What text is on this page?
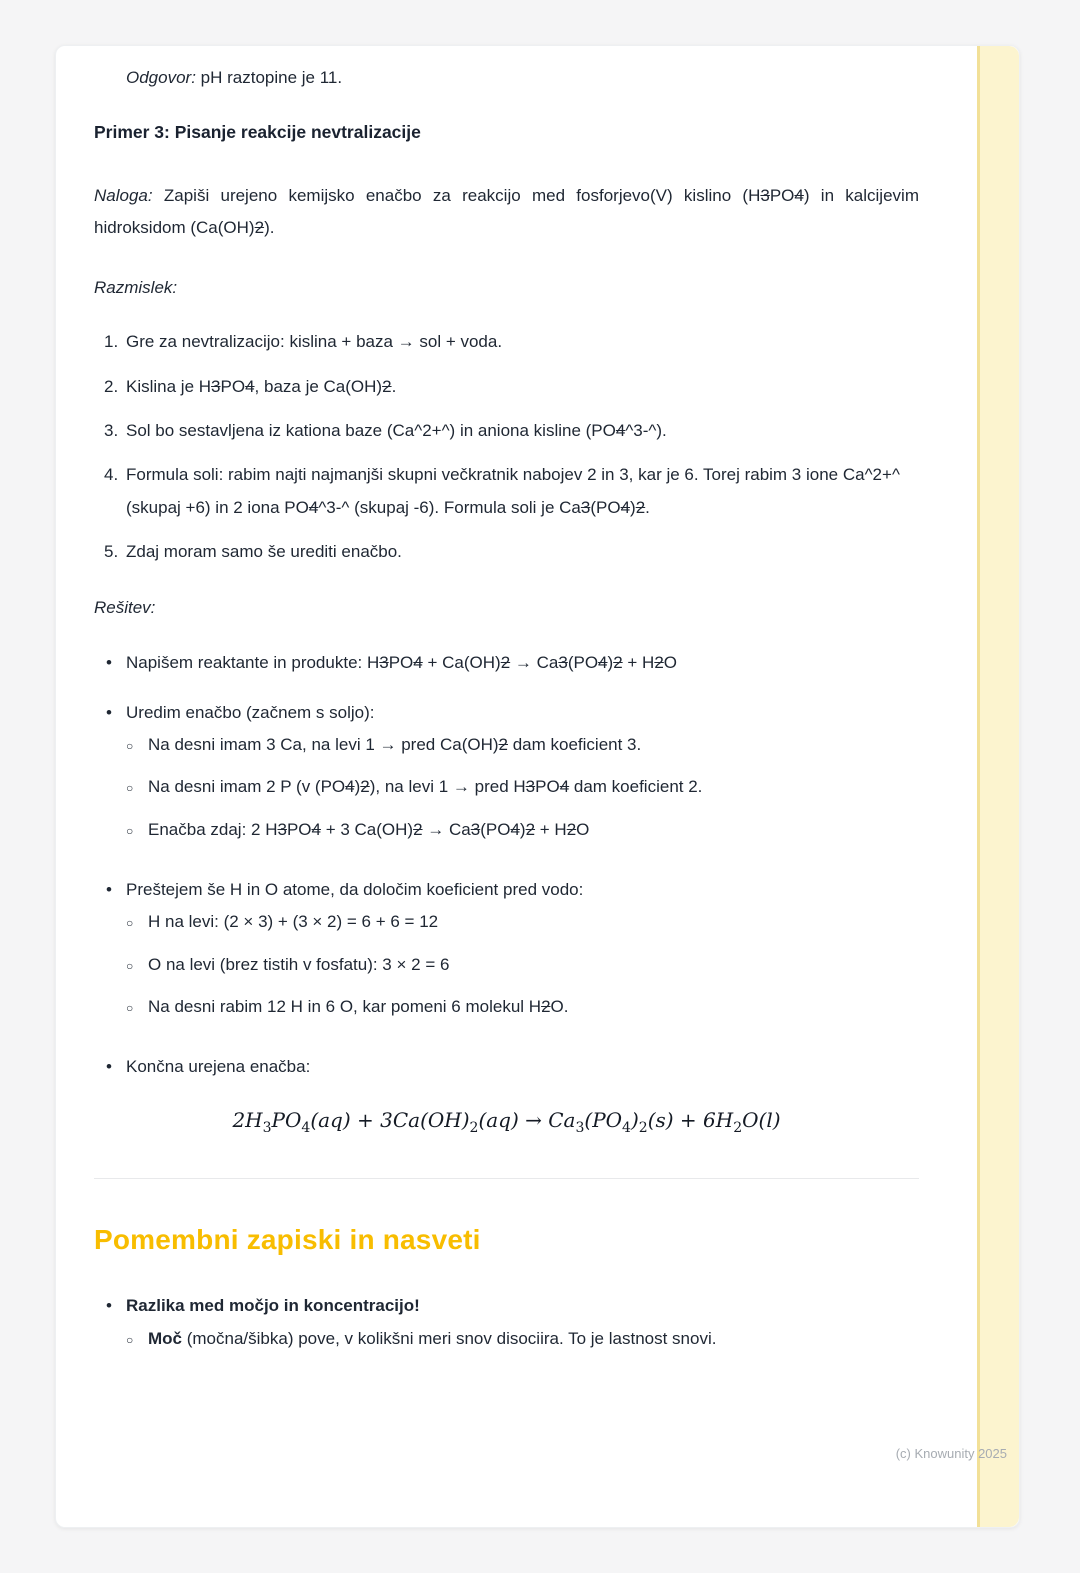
Odgovor: pH raztopine je 11.

Primer 3: Pisanje reakcije nevtralizacije

Naloga: Zapiši urejeno kemijsko enačbo za reakcijo med fosforjevo(V) kislino (H3PO4) in kalcijevim hidroksidom (Ca(OH)2).

Razmislek:

1. Gre za nevtralizacijo: kislina + baza → sol + voda.
2. Kislina je H3PO4, baza je Ca(OH)2.
3. Sol bo sestavljena iz kationa baze (Ca^2+^) in aniona kisline (PO4^3-^).
4. Formula soli: rabim najti najmanjši skupni večkratnik nabojev 2 in 3, kar je 6. Torej rabim 3 ione Ca^2+^ (skupaj +6) in 2 iona PO4^3-^ (skupaj -6). Formula soli je Ca3(PO4)2.
5. Zdaj moram samo še urediti enačbo.

Rešitev:

• Napišem reaktante in produkte: H3PO4 + Ca(OH)2 → Ca3(PO4)2 + H2O
• Uredim enačbo (začnem s soljo):
○ Na desni imam 3 Ca, na levi 1 → pred Ca(OH)2 dam koeficient 3.
○ Na desni imam 2 P (v (PO4)2), na levi 1 → pred H3PO4 dam koeficient 2.
○ Enačba zdaj: 2 H3PO4 + 3 Ca(OH)2 → Ca3(PO4)2 + H2O
• Preštejem še H in O atome, da določim koeficient pred vodo:
○ H na levi: (2 × 3) + (3 × 2) = 6 + 6 = 12
○ O na levi (brez tistih v fosfatu): 3 × 2 = 6
○ Na desni rabim 12 H in 6 O, kar pomeni 6 molekul H2O.
• Končna urejena enačba:
$2H_3PO_4(aq) + 3Ca(OH)_2(aq) \to Ca_3(PO_4)_2(s) + 6H_2O(l)$
Pomembni zapiski in nasveti
• Razlika med močjo in koncentracijo!
○ Moč (močna/šibka) pove, v kolikšni meri snov disociira. To je lastnost snovi.
(c) Knowunity 2025
